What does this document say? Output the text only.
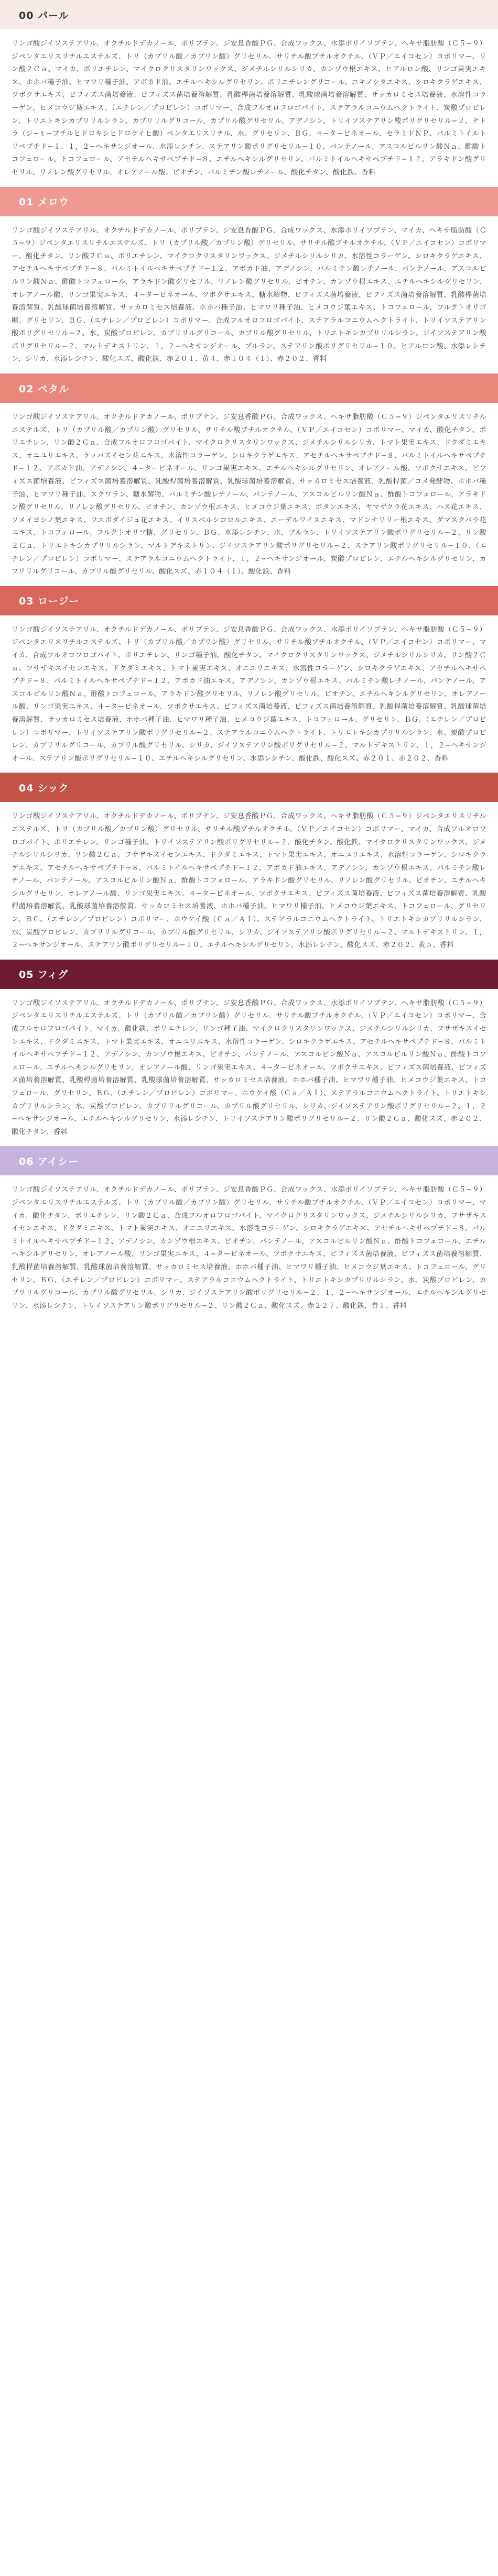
00 パール
リンゴ酸ジイソステアリル、オクチルドデカノール、ポリブテン、ジ安息香酸ＰＧ、合成ワックス、水添ポリイソブテン、ヘキサ脂肪酸（Ｃ５−９）ジペンタエリスリチルエステルズ、トリ（カプリル酸／カプリン酸）グリセリル、サリチル酸ブチルオクチル、（ＶＰ／エイコセン）コポリマー、リン酸２Ｃａ、マイカ、ポリエチレン、マイクロクリスタリンワックス、ジメチルシリルシリカ、カンゾウ根エキス、ヒアルロン酸、リンゴ果実エキス、ホホバ種子油、ヒマワリ種子油、アボカド油、エチルヘキシルグリセリン、ポリエチレングリコール、ユキノシタエキス、シロキクラゲエキス、ツボクサエキス、ビフィズス菌培養液、ビフィズス菌培養溶解質、乳酸桿菌培養溶解質、乳酸球菌培養溶解質、サッカロミセス培養液、水溶性コラーゲン、ヒメコウジ葉エキス、（エチレン／プロピレン）コポリマー、合成フルオロフロゴパイト、ステアラルコニウムヘクトライト、炭酸プロピレン、トリエトキシカプリリルシラン、カプリリルグリコール、カプリル酸グリセリル、アデノシン、トリイソステアリン酸ポリグリセリル−２、テトラ（ジ−ｔ−ブチルヒドロキシヒドロケイヒ酸）ペンタエリスリチル、水、グリセリン、ＢＧ、４−ターピネオール、セラミドＮＰ、パルミトイルトリペプチド−１、１，２−ヘキサンジオール、水添レシチン、ステアリン酸ポリグリセリル−１０、パンテノール、アスコルビルリン酸Ｎａ、酢酸トコフェロール、トコフェロール、アセチルヘキサペプチド−８、エチルヘキシルグリセリン、パルミトイルヘキサペプチド−１２、アラキドン酸グリセリル、リノレン酸グリセリル、オレアノール酸、ビオチン、パルミチン酸レチノール、酸化チタン、酸化鉄、香料
01 メロウ
リンゴ酸ジイソステアリル、オクチルドデカノール、ポリブテン、ジ安息香酸ＰＧ、合成ワックス、水添ポリイソブテン、マイカ、ヘキサ脂肪酸（Ｃ５−９）ジペンタエリスリチルエステルズ、トリ（カプリル酸／カプリン酸）グリセリル、サリチル酸ブチルオクチル、（ＶＰ／エイコセン）コポリマー、酸化チタン、リン酸２Ｃａ、ポリエチレン、マイクロクリスタリンワックス、ジメチルシリルシリカ、水溶性コラーゲン、シロキクラゲエキス、アセチルヘキサペプチド−８、パルミトイルヘキサペプチド−１２、アボカド油、アデノシン、パルミチン酸レチノール、パンテノール、アスコルビルリン酸Ｎａ、酢酸トコフェロール、アラキドン酸グリセリル、リノレン酸グリセリル、ビオチン、カンゾウ根エキス、エチルヘキシルグリセリン、オレアノール酸、リンゴ果実エキス、４−ターピネオール、ツボクサエキス、糖水解物、ビフィズス菌培養液、ビフィズス菌培養溶解質、乳酸桿菌培養溶解質、乳酸球菌培養溶解質、サッカロミセス培養液、ホホバ種子油、ヒマワリ種子油、ヒメコウジ葉エキス、トコフェロール、フルクトオリゴ糖、グリセリン、ＢＧ、（エチレン／プロピレン）コポリマー、合成フルオロフロゴパイト、ステアラルコニウムヘクトライト、トリイソステアリン酸ポリグリセリル−２、水、炭酸プロピレン、カプリリルグリコール、カプリル酸グリセリル、トリエトキシカプリリルシラン、ジイソステアリン酸ポリグリセリル−２、マルトデキストリン、１，２−ヘキサンジオール、プルラン、ステアリン酸ポリグリセリル−１０、ヒアルロン酸、水添レシチン、シリカ、水添レシチン、酸化スズ、酸化鉄、赤２０１、黄４、赤１０４（１）、赤２０２、香料
02 ペタル
リンゴ酸ジイソステアリル、オクチルドデカノール、ポリブテン、ジ安息香酸ＰＧ、合成ワックス、ヘキサ脂肪酸（Ｃ５−９）ジペンタエリスリチルエステルズ、トリ（カプリル酸／カプリン酸）グリセリル、サリチル酸ブチルオクチル、（ＶＰ／エイコセン）コポリマー、マイカ、酸化チタン、ポリエチレン、リン酸２Ｃａ、合成フルオロフロゴパイト、マイクロクリスタリンワックス、ジメチルシリルシリカ、トマト果実エキス、ドクダミエキス、オニユリエキス、ラッパズイセン花エキス、水溶性コラーゲン、シロキクラゲエキス、アセチルヘキサペプチド−８、パルミトイルヘキサペプチド−１２、アボカド油、アデノシン、４−ターピネオール、リンゴ果実エキス、エチルヘキシルグリセリン、オレアノール酸、ツボクサエキス、ビフィズス菌培養液、ビフィズス菌培養溶解質、乳酸桿菌培養溶解質、乳酸球菌培養溶解質、サッカロミセス培養液、乳酸桿菌／コメ発酵物、ホホバ種子油、ヒマワリ種子油、スクワラン、糖水解物、パルミチン酸レチノール、パンテノール、アスコルビルリン酸Ｎａ、酢酸トコフェロール、アラキドン酸グリセリル、リノレン酸グリセリル、ビオチン、カンゾウ根エキス、ヒメコウジ葉エキス、ボタンエキス、ヤマザクラ花エキス、ハス花エキス、ソメイヨシノ葉エキス、フユボダイジュ花エキス、イリスベルシコロルエキス、エーデルワイスエキス、マドンナリリー根エキス、ダマスクバラ花エキス、トコフェロール、フルクトオリゴ糖、グリセリン、ＢＧ、水添レシチン、水、プルラン、トリイソステアリン酸ポリグリセリル−２、リン酸２Ｃａ、トリエトキシカプリリルシラン、マルトデキストリン、ジイソステアリン酸ポリグリセリル−２、ステアリン酸ポリグリセリル−１０、（エチレン／プロピレン）コポリマー、ステアラルコニウムヘクトライト、１，２−ヘキサンジオール、炭酸プロピレン、エチルヘキシルグリセリン、カプリリルグリコール、カプリル酸グリセリル、酸化スズ、赤１０４（１）、酸化鉄、香料
03 ロージー
リンゴ酸ジイソステアリル、オクチルドデカノール、ポリブテン、ジ安息香酸ＰＧ、合成ワックス、水添ポリイソブテン、ヘキサ脂肪酸（Ｃ５−９）ジペンタエリスリチルエステルズ、トリ（カプリル酸／カプリン酸）グリセリル、サリチル酸ブチルオクチル、（ＶＰ／エイコセン）コポリマー、マイカ、合成フルオロフロゴパイト、ポリエチレン、リンゴ種子油、酸化チタン、マイクロクリスタリンワックス、ジメチルシリルシリカ、リン酸２Ｃａ、フサザキスイセンエキス、ドクダミエキス、トマト果実エキス、オニユリエキス、水溶性コラーゲン、シロキクラゲエキス、アセチルヘキサペプチド−８、パルミトイルヘキサペプチド−１２、アボカド油エキス、アデノシン、カンゾウ根エキス、パルミチン酸レチノール、パンテノール、アスコルビルリン酸Ｎａ、酢酸トコフェロール、アラキドン酸グリセリル、リノレン酸グリセリル、ビオチン、エチルヘキシルグリセリン、オレアノール酸、リンゴ果実エキス、４−ターピネオール、ツボクサエキス、ビフィズス菌培養液、ビフィズス菌培養溶解質、乳酸桿菌培養溶解質、乳酸球菌培養溶解質、サッカロミセス培養液、ホホバ種子油、ヒマワリ種子油、ヒメコウジ葉エキス、トコフェロール、グリセリン、ＢＧ、（エチレン／プロピレン）コポリマー、トリイソステアリン酸ポリグリセリル−２、ステアラルコニウムヘクトライト、トリエトキシカプリリルシラン、水、炭酸プロピレン、カプリリルグリコール、カプリル酸グリセリル、シリカ、ジイソステアリン酸ポリグリセリル−２、マルトデキストリン、１，２−ヘキサンジオール、ステアリン酸ポリグリセリル−１０、エチルヘキシルグリセリン、水添レシチン、酸化鉄、酸化スズ、赤２０１、赤２０２、香料
04 シック
リンゴ酸ジイソステアリル、オクチルドデカノール、ポリブテン、ジ安息香酸ＰＧ、合成ワックス、ヘキサ脂肪酸（Ｃ５−９）ジペンタエリスリチルエステルズ、トリ（カプリル酸／カプリン酸）グリセリル、サリチル酸ブチルオクチル、（ＶＰ／エイコセン）コポリマー、マイカ、合成フルオロフロゴパイト、ポリエチレン、リンゴ種子油、トリイソステアリン酸ポリグリセリル−２、酸化チタン、酸化鉄、マイクロクリスタリンワックス、ジメチルシリルシリカ、リン酸２Ｃａ、フサザキスイセンエキス、ドクダミエキス、トマト果実エキス、オニユリエキス、水溶性コラーゲン、シロキクラゲエキス、アセチルヘキサペプチド−８、パルミトイルヘキサペプチド−１２、アボカド油エキス、アデノシン、カンゾウ根エキス、パルミチン酸レチノール、パンテノール、アスコルビルリン酸Ｎａ、酢酸トコフェロール、アラキドン酸グリセリル、リノレン酸グリセリル、ビオチン、エチルヘキシルグリセリン、オレアノール酸、リンゴ果実エキス、４−ターピネオール、ツボクサエキス、ビフィズス菌培養液、ビフィズス菌培養溶解質、乳酸桿菌培養溶解質、乳酸球菌培養溶解質、サッカロミセス培養液、ホホバ種子油、ヒマワリ種子油、ヒメコウジ葉エキス、トコフェロール、グリセリン、ＢＧ、（エチレン／プロピレン）コポリマー、ホウケイ酸（Ｃａ／Ａｌ）、ステアラルコニウムヘクトライト、トリエトキシカプリリルシラン、水、炭酸プロピレン、カプリリルグリコール、カプリル酸グリセリル、シリカ、ジイソステアリン酸ポリグリセリル−２、マルトデキストリン、１，２−ヘキサンジオール、ステアリン酸ポリグリセリル−１０、エチルヘキシルグリセリン、水添レシチン、酸化スズ、赤２０２、黄５、香料
05 フィグ
リンゴ酸ジイソステアリル、オクチルドデカノール、ポリブテン、ジ安息香酸ＰＧ、合成ワックス、水添ポリイソブテン、ヘキサ脂肪酸（Ｃ５−９）ジペンタエリスリチルエステルズ、トリ（カプリル酸／カプリン酸）グリセリル、サリチル酸ブチルオクチル、（ＶＰ／エイコセン）コポリマー、合成フルオロフロゴパイト、マイカ、酸化鉄、ポリエチレン、リンゴ種子油、マイクロクリスタリンワックス、ジメチルシリルシリカ、フサザキスイセンエキス、ドクダミエキス、トマト果実エキス、オニユリエキス、水溶性コラーゲン、シロキクラゲエキス、アセチルヘキサペプチド−８、パルミトイルヘキサペプチド−１２、アデノシン、カンゾウ根エキス、ビオチン、パンテノール、アスコルビン酸Ｎａ、アスコルビルリン酸Ｎａ、酢酸トコフェロール、エチルヘキシルグリセリン、オレアノール酸、リンゴ果実エキス、４−ターピネオール、ツボクサエキス、ビフィズス菌培養液、ビフィズス菌培養溶解質、乳酸桿菌培養溶解質、乳酸球菌培養溶解質、サッカロミセス培養液、ホホバ種子油、ヒマワリ種子油、ヒメコウジ葉エキス、トコフェロール、グリセリン、ＢＧ、（エチレン／プロピレン）コポリマー、ホウケイ酸（Ｃａ／Ａｌ）、ステアラルコニウムヘクトライト、トリエトキシカプリリルシラン、水、炭酸プロピレン、カプリリルグリコール、カプリル酸グリセリル、シリカ、ジイソステアリン酸ポリグリセリル−２、１，２−ヘキサンジオール、エチルヘキシルグリセリン、水添レシチン、トリイソステアリン酸ポリグリセリル−２、リン酸２Ｃａ、酸化スズ、赤２０２、酸化チタン、香料
06 アイシー
リンゴ酸ジイソステアリル、オクチルドデカノール、ポリブテン、ジ安息香酸ＰＧ、合成ワックス、水添ポリイソブテン、ヘキサ脂肪酸（Ｃ５−９）ジペンタエリスリチルエステルズ、トリ（カプリル酸／カプリン酸）グリセリル、サリチル酸ブチルオクチル、（ＶＰ／エイコセン）コポリマー、マイカ、酸化チタン、ポリエチレン、リン酸２Ｃａ、合成フルオロフロゴパイト、マイクロクリスタリンワックス、ジメチルシリルシリカ、フサザキスイセンエキス、ドクダミエキス、トマト果実エキス、オニユリエキス、水溶性コラーゲン、シロキクラゲエキス、アセチルヘキサペプチド−８、パルミトイルヘキサペプチド−１２、アデノシン、カンゾウ根エキス、ビオチン、パンテノール、アスコルビルリン酸Ｎａ、酢酸トコフェロール、エチルヘキシルグリセリン、オレアノール酸、リンゴ果実エキス、４−ターピネオール、ツボクサエキス、ビフィズス菌培養液、ビフィズス菌培養溶解質、乳酸桿菌培養溶解質、乳酸球菌培養溶解質、サッカロミセス培養液、ホホバ種子油、ヒマワリ種子油、ヒメコウジ葉エキス、トコフェロール、グリセリン、ＢＧ、（エチレン／プロピレン）コポリマー、ステアラルコニウムヘクトライト、トリエトキシカプリリルシラン、水、炭酸プロピレン、カプリリルグリコール、カプリル酸グリセリル、シリカ、ジイソステアリン酸ポリグリセリル−２、１，２−ヘキサンジオール、エチルヘキシルグリセリン、水添レシチン、トリイソステアリン酸ポリグリセリル−２、リン酸２Ｃａ、酸化スズ、赤２２７、酸化鉄、青１、香料
